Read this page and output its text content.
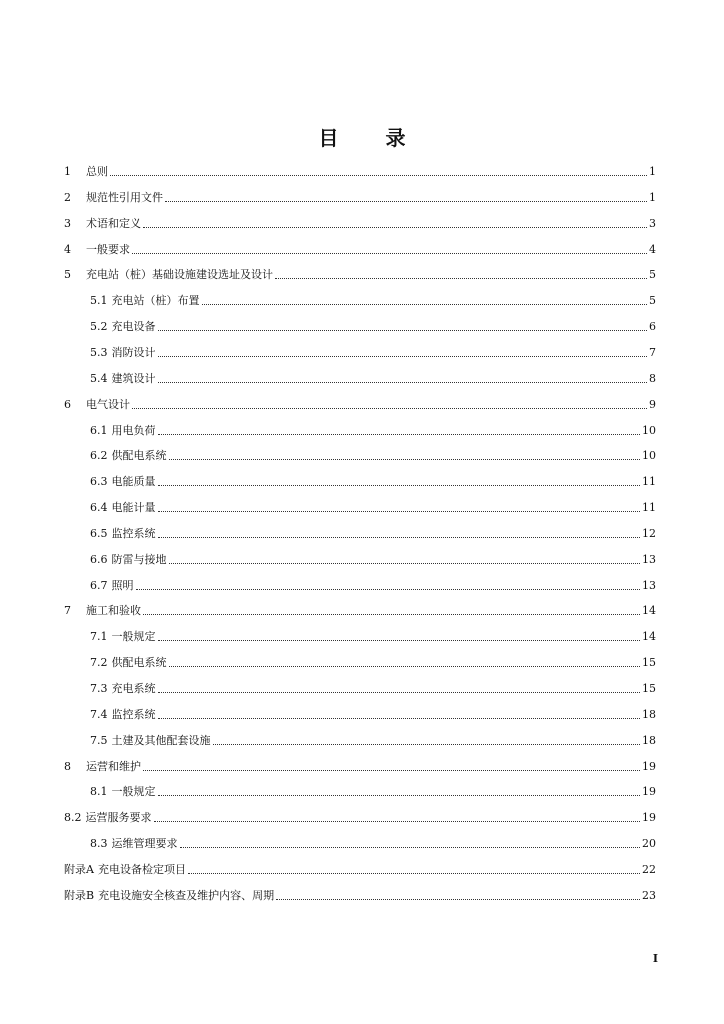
目 录
1	总则	1
2	规范性引用文件	1
3	术语和定义	3
4	一般要求	4
5	充电站（桩）基础设施建设选址及设计	5
5.1 充电站（桩）布置	5
5.2 充电设备	6
5.3 消防设计	7
5.4 建筑设计	8
6	电气设计	9
6.1 用电负荷	10
6.2 供配电系统	10
6.3 电能质量	11
6.4 电能计量	11
6.5 监控系统	12
6.6 防雷与接地	13
6.7 照明	13
7	施工和验收	14
7.1 一般规定	14
7.2 供配电系统	15
7.3 充电系统	15
7.4 监控系统	18
7.5 土建及其他配套设施	18
8	运营和维护	19
8.1 一般规定	19
8.2 运营服务要求	19
8.3 运维管理要求	20
附录A 充电设备检定项目	22
附录B 充电设施安全核查及维护内容、周期	23
I
